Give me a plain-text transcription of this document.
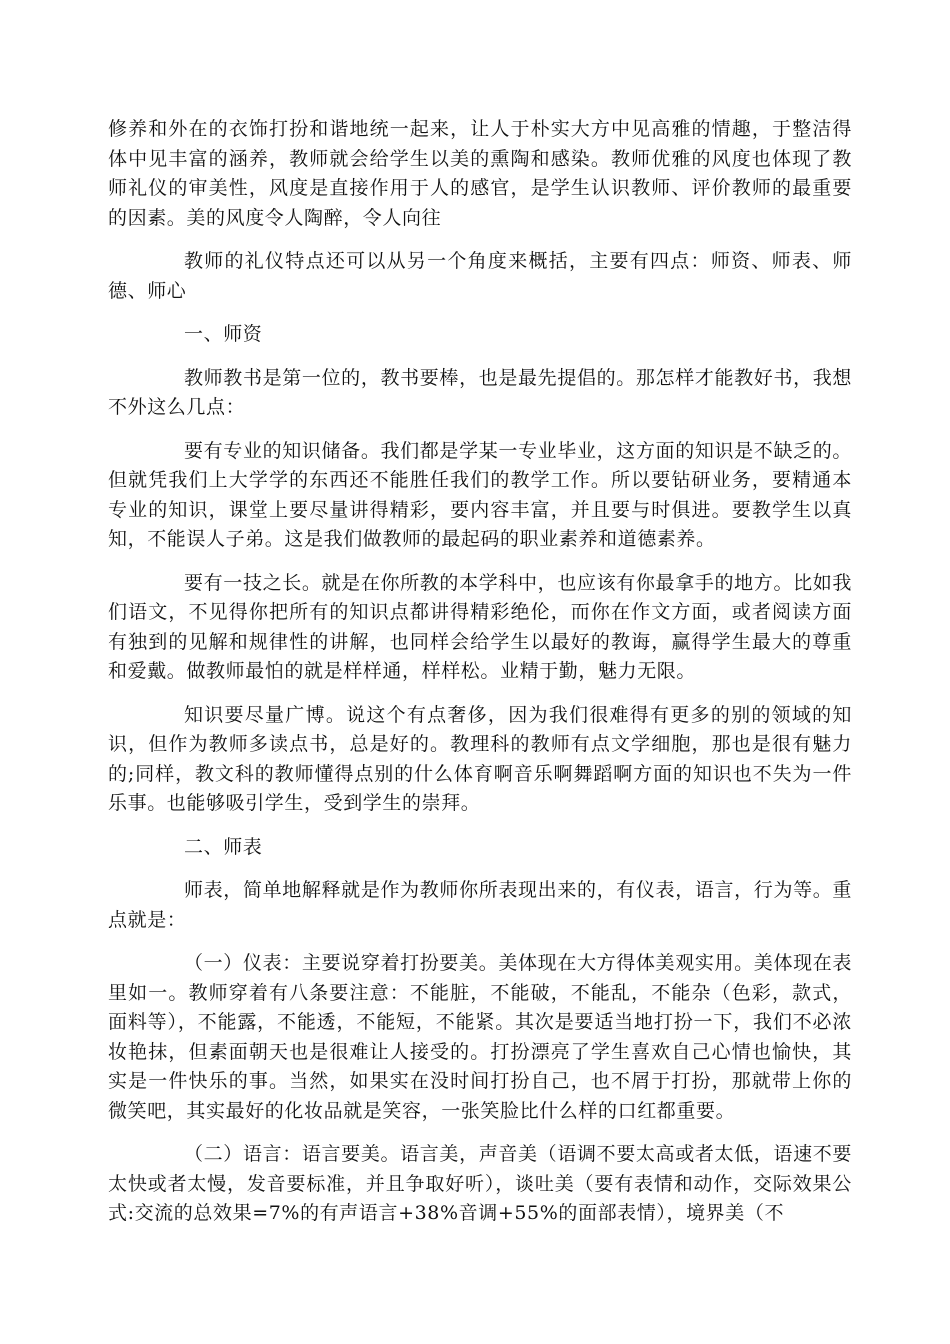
修养和外在的衣饰打扮和谐地统一起来，让人于朴实大方中见高雅的情趣，于整洁得体中见丰富的涵养，教师就会给学生以美的熏陶和感染。教师优雅的风度也体现了教师礼仪的审美性，风度是直接作用于人的感官，是学生认识教师、评价教师的最重要的因素。美的风度令人陶醉，令人向往

教师的礼仪特点还可以从另一个角度来概括，主要有四点：师资、师表、师德、师心

一、师资

教师教书是第一位的，教书要棒，也是最先提倡的。那怎样才能教好书，我想不外这么几点：

要有专业的知识储备。我们都是学某一专业毕业，这方面的知识是不缺乏的。但就凭我们上大学学的东西还不能胜任我们的教学工作。所以要钻研业务，要精通本专业的知识，课堂上要尽量讲得精彩，要内容丰富，并且要与时俱进。要教学生以真知，不能误人子弟。这是我们做教师的最起码的职业素养和道德素养。

要有一技之长。就是在你所教的本学科中，也应该有你最拿手的地方。比如我们语文，不见得你把所有的知识点都讲得精彩绝伦，而你在作文方面，或者阅读方面有独到的见解和规律性的讲解，也同样会给学生以最好的教诲，赢得学生最大的尊重和爱戴。做教师最怕的就是样样通，样样松。业精于勤，魅力无限。

知识要尽量广博。说这个有点奢侈，因为我们很难得有更多的别的领域的知识，但作为教师多读点书，总是好的。教理科的教师有点文学细胞，那也是很有魅力的;同样，教文科的教师懂得点别的什么体育啊音乐啊舞蹈啊方面的知识也不失为一件乐事。也能够吸引学生，受到学生的崇拜。

二、师表

师表，简单地解释就是作为教师你所表现出来的，有仪表，语言，行为等。重点就是：

（一）仪表：主要说穿着打扮要美。美体现在大方得体美观实用。美体现在表里如一。教师穿着有八条要注意：不能脏，不能破，不能乱，不能杂（色彩，款式，面料等），不能露，不能透，不能短，不能紧。其次是要适当地打扮一下，我们不必浓妆艳抹，但素面朝天也是很难让人接受的。打扮漂亮了学生喜欢自己心情也愉快，其实是一件快乐的事。当然，如果实在没时间打扮自己，也不屑于打扮，那就带上你的微笑吧，其实最好的化妆品就是笑容，一张笑脸比什么样的口红都重要。

（二）语言：语言要美。语言美，声音美（语调不要太高或者太低，语速不要太快或者太慢，发音要标准，并且争取好听），谈吐美（要有表情和动作，交际效果公式:交流的总效果=7%的有声语言+38%音调+55%的面部表情），境界美（不
